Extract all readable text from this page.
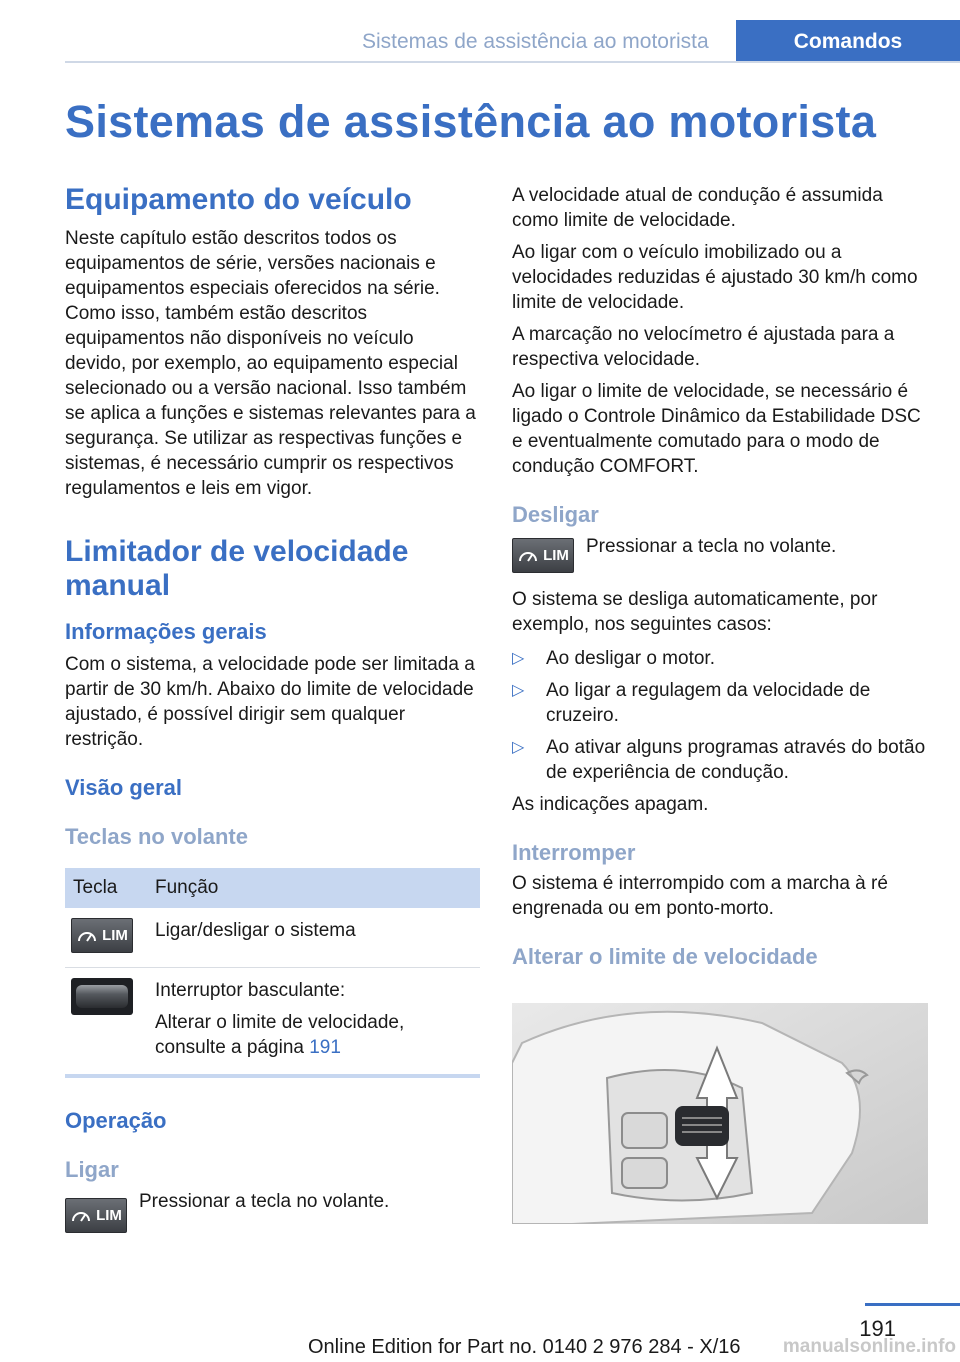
Sistemas de assistência ao motorista	Comandos
Sistemas de assistência ao motorista
Equipamento do veículo

Neste capítulo estão descritos todos os equipamentos de série, versões nacionais e equipamentos especiais oferecidos na série. Como isso, também estão descritos equipamentos não disponíveis no veículo devido, por exemplo, ao equipamento especial selecionado ou a versão nacional. Isso também se aplica a funções e sistemas relevantes para a segurança. Se utilizar as respectivas funções e sistemas, é necessário cumprir os respectivos regulamentos e leis em vigor.

Limitador de velocidade manual
Informações gerais

Com o sistema, a velocidade pode ser limitada a partir de 30 km/h. Abaixo do limite de velocidade ajustado, é possível dirigir sem qualquer restrição.

Visão geral
Teclas no volante
Tecla	Função

LIM	Ligar/desligar o sistema

	Interruptor basculante:
Alterar o limite de velocidade, consulte a página 191
Operação
Ligar
LIM

Pressionar a tecla no volante.

A velocidade atual de condução é assumida como limite de velocidade.

Ao ligar com o veículo imobilizado ou a velocidades reduzidas é ajustado 30 km/h como limite de velocidade.

A marcação no velocímetro é ajustada para a respectiva velocidade.

Ao ligar o limite de velocidade, se necessário é ligado o Controle Dinâmico da Estabilidade DSC e eventualmente comutado para o modo de condução COMFORT.

Desligar
LIM Pressionar a tecla no volante.

O sistema se desliga automaticamente, por exemplo, nos seguintes casos:

▷ Ao desligar o motor.
▷ Ao ligar a regulagem da velocidade de cruzeiro.
▷ Ao ativar alguns programas através do botão de experiência de condução.

As indicações apagam.

Interromper

O sistema é interrompido com a marcha à ré engrenada ou em ponto-morto.

Alterar o limite de velocidade
191
Online Edition for Part no. 0140 2 976 284 - X/16 manualsonline.info
